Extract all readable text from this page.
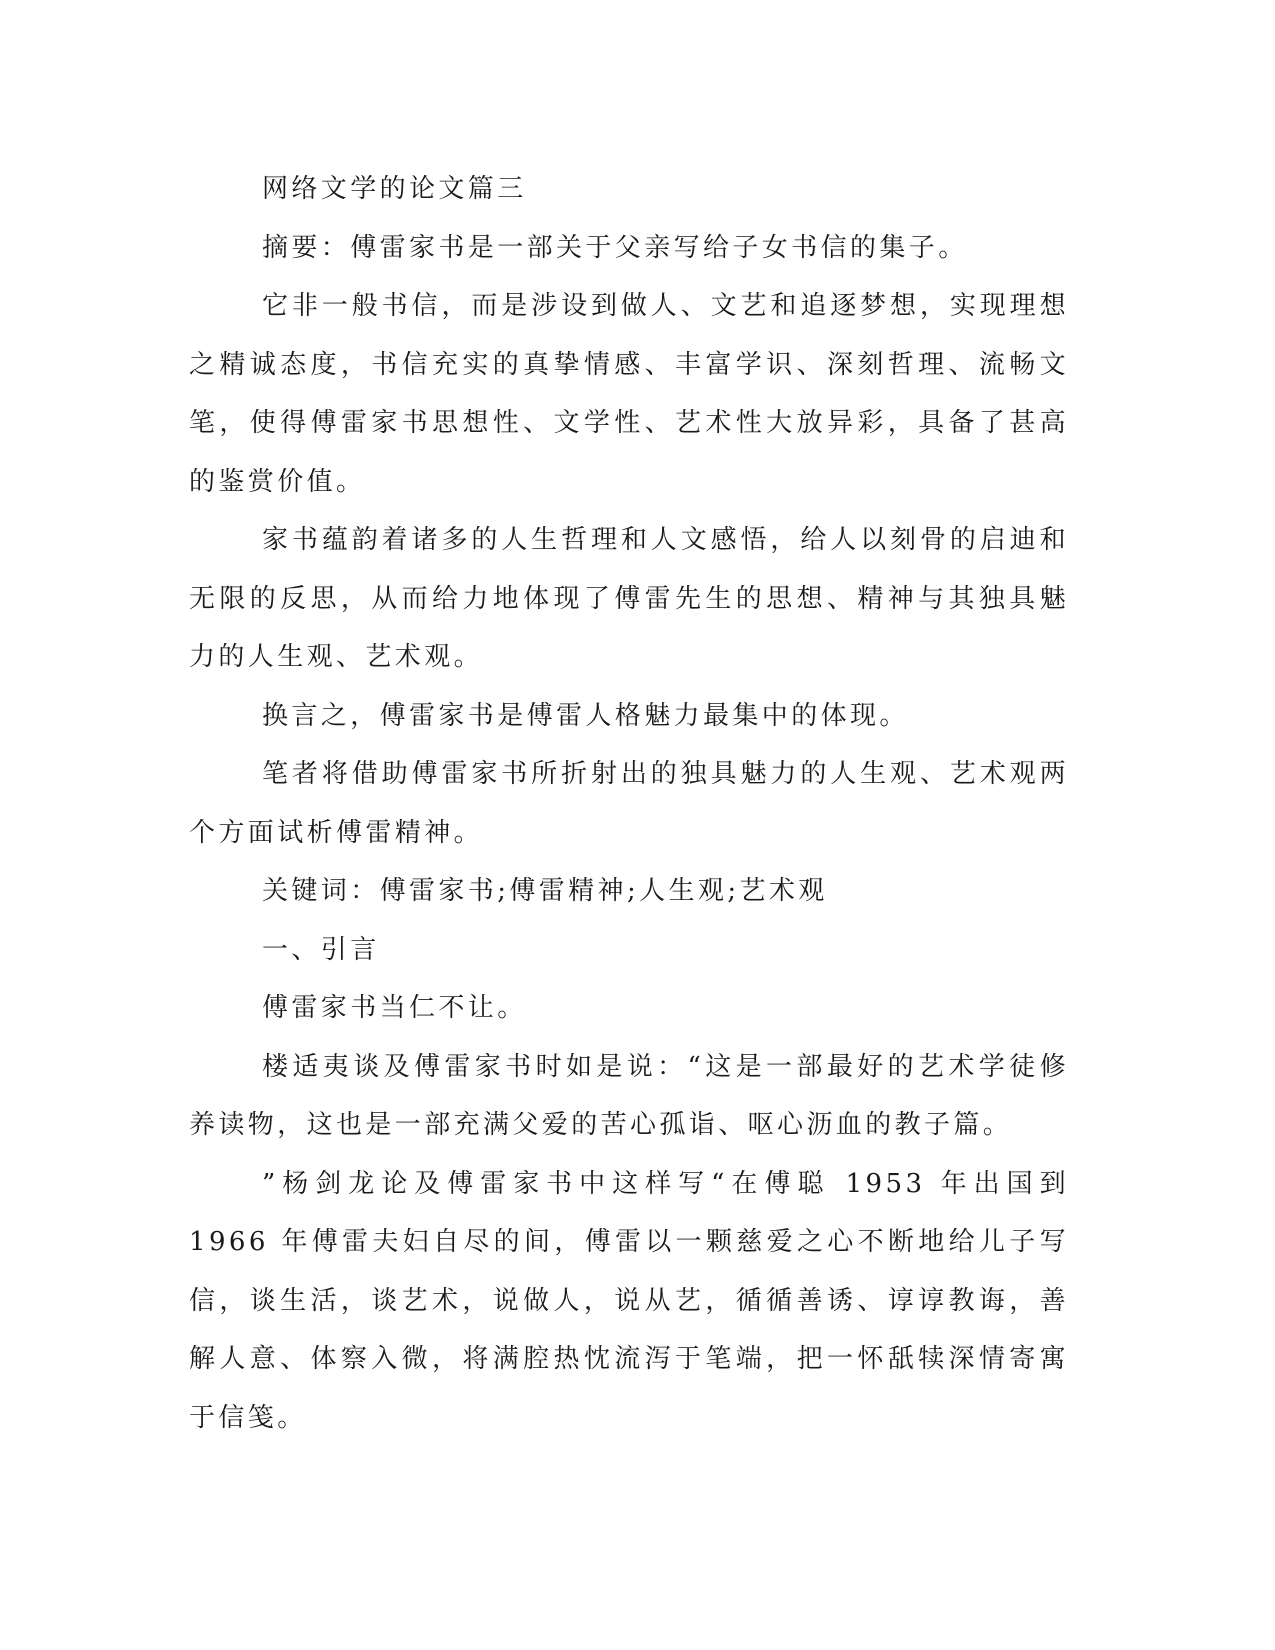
网络文学的论文篇三

摘要：傅雷家书是一部关于父亲写给子女书信的集子。

它非一般书信，而是涉设到做人、文艺和追逐梦想，实现理想之精诚态度，书信充实的真挚情感、丰富学识、深刻哲理、流畅文笔，使得傅雷家书思想性、文学性、艺术性大放异彩，具备了甚高的鉴赏价值。

家书蕴韵着诸多的人生哲理和人文感悟，给人以刻骨的启迪和无限的反思，从而给力地体现了傅雷先生的思想、精神与其独具魅力的人生观、艺术观。

换言之，傅雷家书是傅雷人格魅力最集中的体现。

笔者将借助傅雷家书所折射出的独具魅力的人生观、艺术观两个方面试析傅雷精神。

关键词：傅雷家书;傅雷精神;人生观;艺术观

一、引言

傅雷家书当仁不让。

楼适夷谈及傅雷家书时如是说：“这是一部最好的艺术学徒修养读物，这也是一部充满父爱的苦心孤诣、呕心沥血的教子篇。

”杨剑龙论及傅雷家书中这样写“在傅聪 1953 年出国到 1966 年傅雷夫妇自尽的间，傅雷以一颗慈爱之心不断地给儿子写信，谈生活，谈艺术，说做人，说从艺，循循善诱、谆谆教诲，善解人意、体察入微，将满腔热忱流泻于笔端，把一怀舐犊深情寄寓于信笺。
